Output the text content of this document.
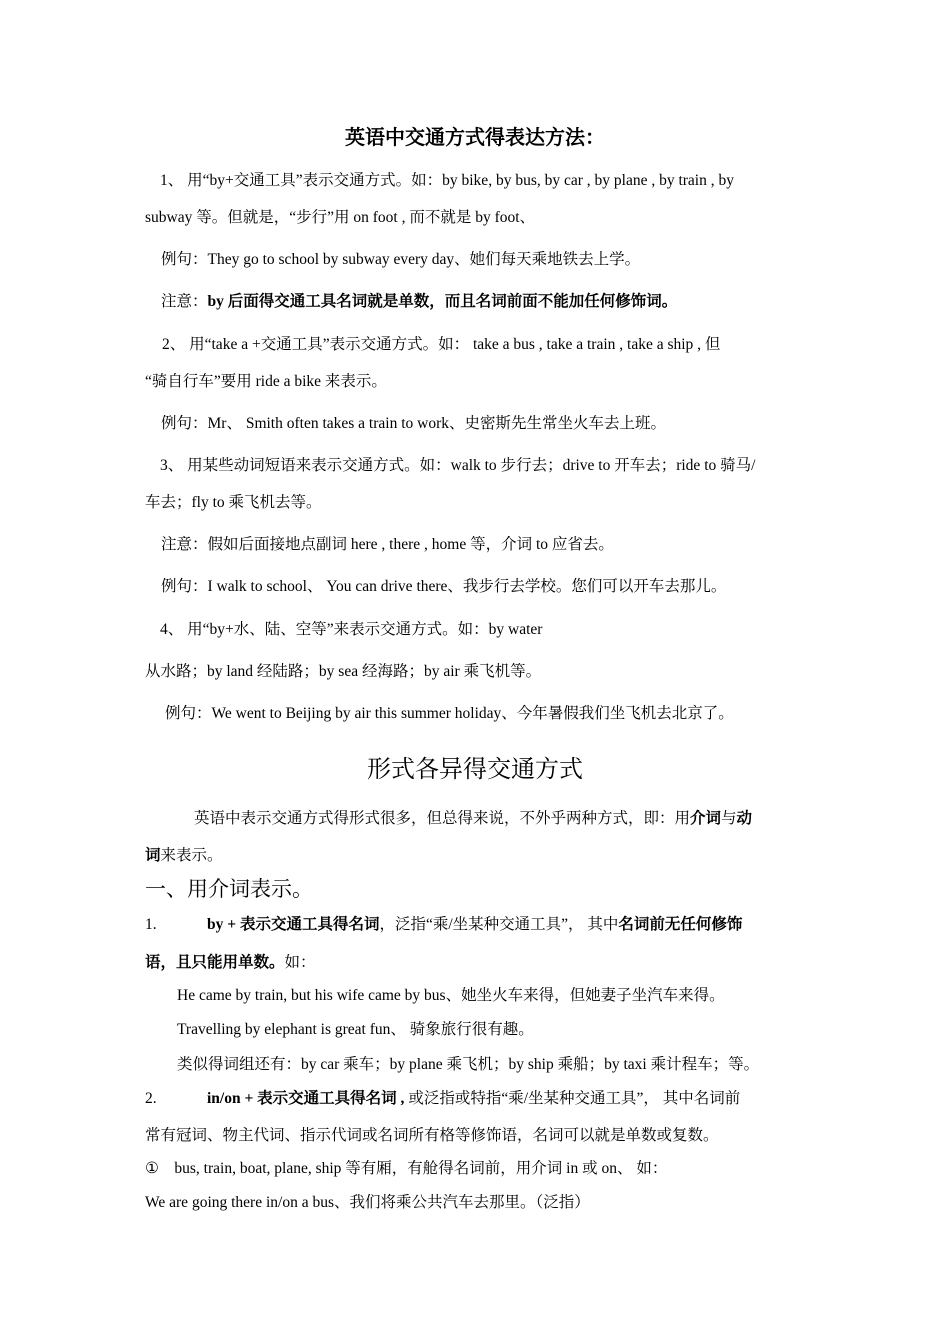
英语中交通方式得表达方法：
1、 用“by+交通工具”表示交通方式。如：by bike, by bus, by car , by plane , by train , by
subway 等。但就是，“步行”用 on foot , 而不就是 by foot、
例句：They go to school by subway every day、她们每天乘地铁去上学。
注意：by 后面得交通工具名词就是单数，而且名词前面不能加任何修饰词。
2、 用“take a +交通工具”表示交通方式。如： take a bus , take a train , take a ship , 但
“骑自行车”要用 ride a bike 来表示。
例句：Mr、 Smith often takes a train to work、史密斯先生常坐火车去上班。
3、 用某些动词短语来表示交通方式。如：walk to 步行去；drive to 开车去；ride to 骑马/
车去；fly to 乘飞机去等。
注意：假如后面接地点副词 here , there , home 等，介词 to 应省去。
例句：I walk to school、 You can drive there、我步行去学校。您们可以开车去那儿。
4、 用“by+水、陆、空等”来表示交通方式。如：by water
从水路；by land 经陆路；by sea 经海路；by air 乘飞机等。
例句：We went to Beijing by air this summer holiday、今年暑假我们坐飞机去北京了。
形式各异得交通方式
英语中表示交通方式得形式很多，但总得来说，不外乎两种方式，即：用介词与动
词来表示。
一、用介词表示。
1.	by + 表示交通工具得名词，泛指“乘/坐某种交通工具”， 其中名词前无任何修饰
语，且只能用单数。如：
He came by train, but his wife came by bus、她坐火车来得，但她妻子坐汽车来得。
Travelling by elephant is great fun、 骑象旅行很有趣。
类似得词组还有：by car 乘车；by plane 乘飞机；by ship 乘船；by taxi 乘计程车；等。
2.	in/on + 表示交通工具得名词 , 或泛指或特指“乘/坐某种交通工具”， 其中名词前
常有冠词、物主代词、指示代词或名词所有格等修饰语，名词可以就是单数或复数。
①　bus, train, boat, plane, ship 等有厢，有舱得名词前，用介词 in 或 on、 如：
We are going there in/on a bus、我们将乘公共汽车去那里。（泛指）
